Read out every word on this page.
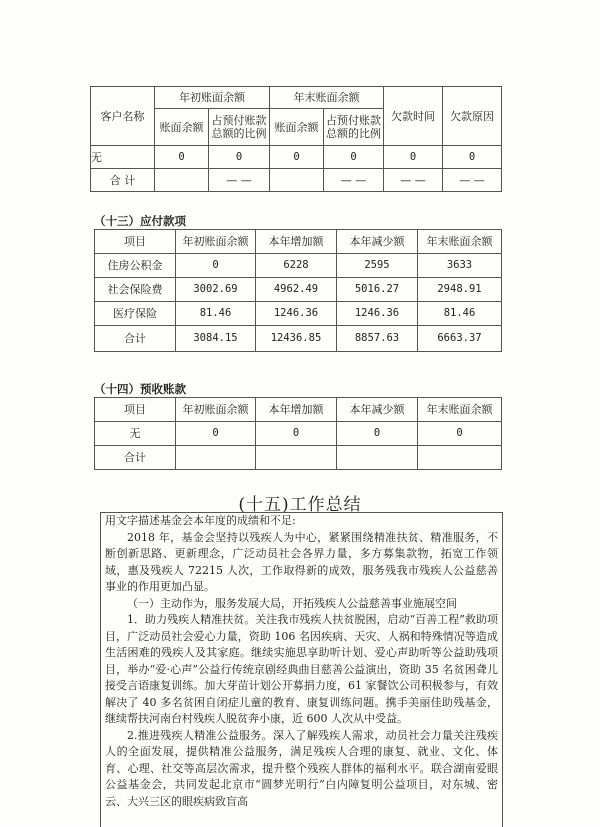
客户名称	年初账面余额		年末账面余额		欠款时间	欠款原因
	账面余额	占预付账款总额的比例	账面余额	占预付账款总额的比例		
无	0	0	0	0	0	0
合 计		— —		— —	— —	— —
（十三）应付款项
项目	年初账面余额	本年增加额	本年减少额	年末账面余额
住房公积金	0	6228	2595	3633
社会保险费	3002.69	4962.49	5016.27	2948.91
医疗保险	81.46	1246.36	1246.36	81.46
合计	3084.15	12436.85	8857.63	6663.37
（十四）预收账款
项目	年初账面余额	本年增加额	本年减少额	年末账面余额
无	0	0	0	0
合计				
(十五)工作总结

用文字描述基金会本年度的成绩和不足:

2018 年，基金会坚持以残疾人为中心，紧紧围绕精准扶贫、精准服务，不断创新思路、更新理念，广泛动员社会各界力量，多方募集款物，拓宽工作领域，惠及残疾人 72215 人次，工作取得新的成效，服务残我市残疾人公益慈善事业的作用更加凸显。

（一）主动作为，服务发展大局，开拓残疾人公益慈善事业施展空间

1．助力残疾人精准扶贫。关注我市残疾人扶贫脱困，启动“百善工程”救助项目，广泛动员社会爱心力量，资助 106 名因疾病、天灾、人祸和特殊情况等造成生活困难的残疾人及其家庭。继续实施思享助听计划、爱心声助听等公益助残项目，举办“爱·心声”公益行传统京剧经典曲目慈善公益演出，资助 35 名贫困聋儿接受言语康复训练。加大芽苗计划公开募捐力度，61 家餐饮公司积极参与，有效解决了 40 多名贫困自闭症儿童的教育、康复训练问题。携手美丽佳助残基金，继续帮扶河南台村残疾人脱贫奔小康，近 600 人次从中受益。

2.推进残疾人精准公益服务。深入了解残疾人需求，动员社会力量关注残疾人的全面发展，提供精准公益服务，满足残疾人合理的康复、就业、文化、体育、心理、社交等高层次需求，提升整个残疾人群体的福利水平。联合湖南爱眼公益基金会，共同发起北京市“圆梦光明行”白内障复明公益项目，对东城、密云、大兴三区的眼疾病致盲高
